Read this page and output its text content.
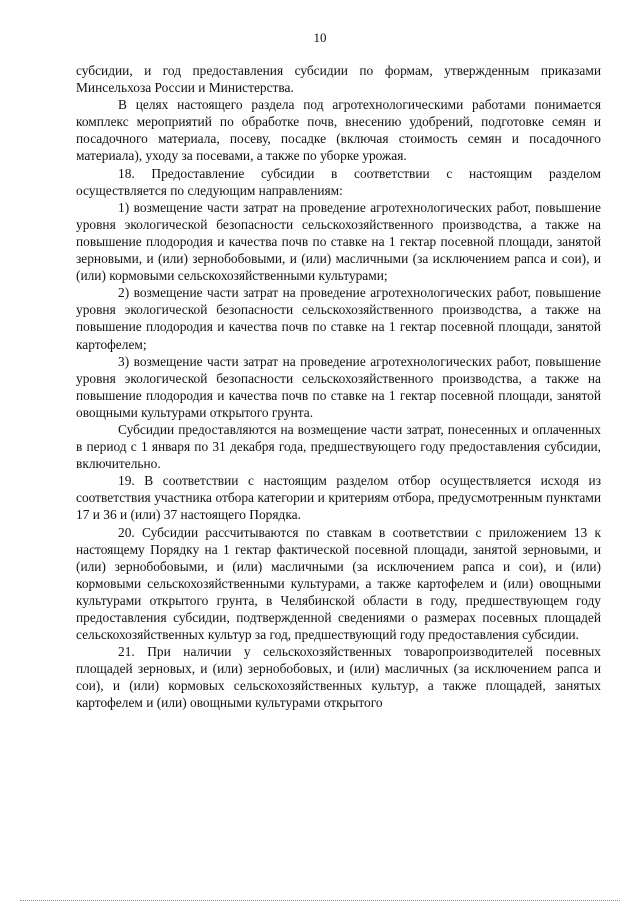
10

субсидии, и год предоставления субсидии по формам, утвержденным приказами Минсельхоза России и Министерства.

В целях настоящего раздела под агротехнологическими работами понимается комплекс мероприятий по обработке почв, внесению удобрений, подготовке семян и посадочного материала, посеву, посадке (включая стоимость семян и посадочного материала), уходу за посевами, а также по уборке урожая.

18. Предоставление субсидии в соответствии с настоящим разделом осуществляется по следующим направлениям:

1) возмещение части затрат на проведение агротехнологических работ, повышение уровня экологической безопасности сельскохозяйственного производства, а также на повышение плодородия и качества почв по ставке на 1 гектар посевной площади, занятой зерновыми, и (или) зернобобовыми, и (или) масличными (за исключением рапса и сои), и (или) кормовыми сельскохозяйственными культурами;

2) возмещение части затрат на проведение агротехнологических работ, повышение уровня экологической безопасности сельскохозяйственного производства, а также на повышение плодородия и качества почв по ставке на 1 гектар посевной площади, занятой картофелем;

3) возмещение части затрат на проведение агротехнологических работ, повышение уровня экологической безопасности сельскохозяйственного производства, а также на повышение плодородия и качества почв по ставке на 1 гектар посевной площади, занятой овощными культурами открытого грунта.

Субсидии предоставляются на возмещение части затрат, понесенных и оплаченных в период с 1 января по 31 декабря года, предшествующего году предоставления субсидии, включительно.

19. В соответствии с настоящим разделом отбор осуществляется исходя из соответствия участника отбора категории и критериям отбора, предусмотренным пунктами 17 и 36 и (или) 37 настоящего Порядка.

20. Субсидии рассчитываются по ставкам в соответствии с приложением 13 к настоящему Порядку на 1 гектар фактической посевной площади, занятой зерновыми, и (или) зернобобовыми, и (или) масличными (за исключением рапса и сои), и (или) кормовыми сельскохозяйственными культурами, а также картофелем и (или) овощными культурами открытого грунта, в Челябинской области в году, предшествующем году предоставления субсидии, подтвержденной сведениями о размерах посевных площадей сельскохозяйственных культур за год, предшествующий году предоставления субсидии.

21. При наличии у сельскохозяйственных товаропроизводителей посевных площадей зерновых, и (или) зернобобовых, и (или) масличных (за исключением рапса и сои), и (или) кормовых сельскохозяйственных культур, а также площадей, занятых картофелем и (или) овощными культурами открытого
